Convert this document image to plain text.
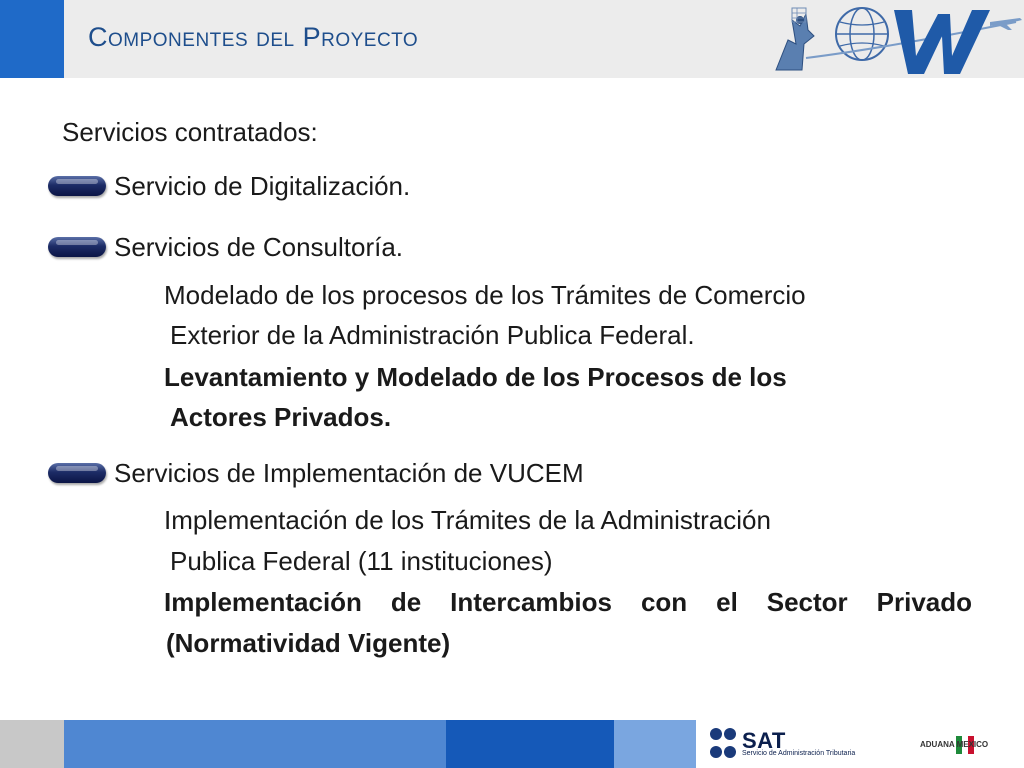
Componentes del Proyecto
Servicios contratados:
Servicio de Digitalización.
Servicios de Consultoría.
Modelado de los procesos de los Trámites de Comercio
Exterior de la Administración Publica Federal.
Levantamiento y Modelado de los Procesos de los
Actores Privados.
Servicios de Implementación de VUCEM
Implementación de los Trámites de la Administración
Publica Federal (11 instituciones)
Implementación de Intercambios con el Sector Privado
(Normatividad Vigente)
SAT
Servicio de Administración Tributaria
ADUANA MEXICO
